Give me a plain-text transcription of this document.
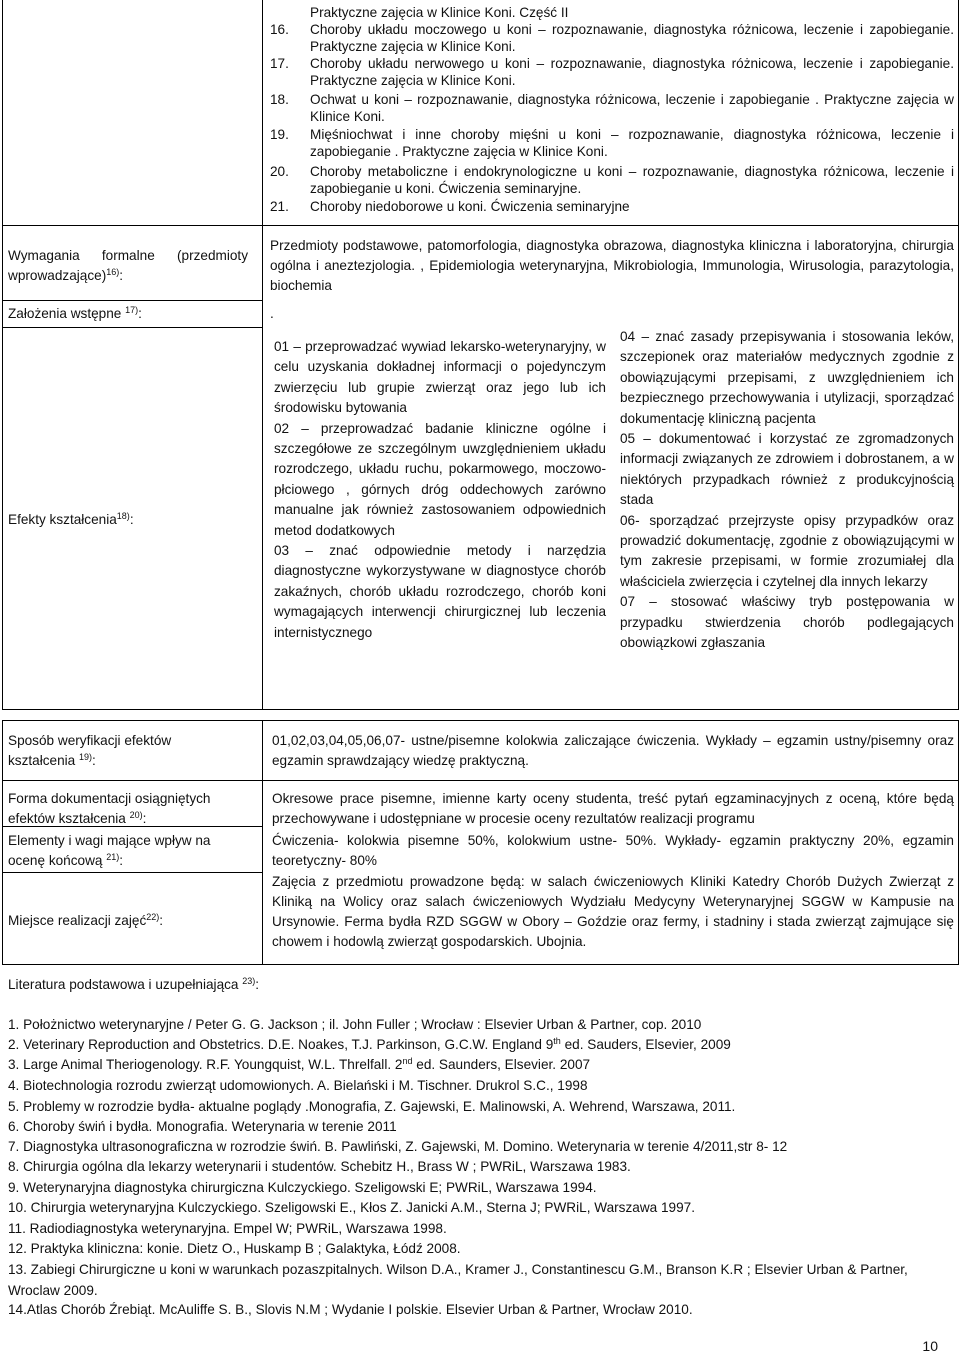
Praktyczne zajęcia w Klinice Koni. Część II
16.	Choroby układu moczowego u koni – rozpoznawanie, diagnostyka różnicowa, leczenie i zapobieganie. Praktyczne zajęcia w Klinice Koni.
17.	Choroby układu nerwowego u koni – rozpoznawanie, diagnostyka różnicowa, leczenie i zapobieganie. Praktyczne zajęcia w Klinice Koni.
18.	Ochwat u koni – rozpoznawanie, diagnostyka różnicowa, leczenie i zapobieganie . Praktyczne zajęcia w Klinice Koni.
19.	Mięśniochwat i inne choroby mięśni u koni – rozpoznawanie, diagnostyka różnicowa, leczenie i zapobieganie . Praktyczne zajęcia w Klinice Koni.
20.	Choroby metaboliczne i endokrynologiczne u koni – rozpoznawanie, diagnostyka różnicowa, leczenie i zapobieganie u koni. Ćwiczenia seminaryjne.
21.	Choroby niedoborowe u koni. Ćwiczenia seminaryjne
Wymagania formalne (przedmioty wprowadzające)$^{16)}$:
Przedmioty podstawowe, patomorfologia, diagnostyka obrazowa, diagnostyka kliniczna i laboratoryjna, chirurgia ogólna i aneztezjologia. , Epidemiologia weterynaryjna, Mikrobiologia, Immunologia, Wirusologia, parazytologia, biochemia
Założenia wstępne $^{17)}$:	.
Efekty kształcenia$^{18)}$:
01 – przeprowadzać wywiad lekarsko-weterynaryjny, w celu uzyskania dokładnej informacji o pojedynczym zwierzęciu lub grupie zwierząt oraz jego lub ich środowisku bytowania
02 – przeprowadzać badanie kliniczne ogólne i szczegółowe ze szczególnym uwzględnieniem układu rozrodczego, układu ruchu, pokarmowego, moczowo-płciowego , górnych dróg oddechowych zarówno manualne jak również zastosowaniem odpowiednich metod dodatkowych
03 – znać odpowiednie metody i narzędzia diagnostyczne wykorzystywane w diagnostyce chorób zakaźnych, chorób układu rozrodczego, chorób koni wymagających interwencji chirurgicznej lub leczenia internistycznego
04 – znać zasady przepisywania i stosowania leków, szczepionek oraz materiałów medycznych zgodnie z obowiązującymi przepisami, z uwzględnieniem ich bezpiecznego przechowywania i utylizacji, sporządzać dokumentację kliniczną pacjenta
05 – dokumentować i korzystać ze zgromadzonych informacji związanych ze zdrowiem i dobrostanem, a w niektórych przypadkach również z produkcyjnością stada
06- sporządzać przejrzyste opisy przypadków oraz prowadzić dokumentację, zgodnie z obowiązującymi w tym zakresie przepisami, w formie zrozumiałej dla właściciela zwierzęcia i czytelnej dla innych lekarzy
07 – stosować właściwy tryb postępowania w przypadku stwierdzenia chorób podlegających obowiązkowi zgłaszania
Sposób weryfikacji efektów
kształcenia $^{19)}$:
01,02,03,04,05,06,07- ustne/pisemne kolokwia zaliczające ćwiczenia. Wykłady – egzamin ustny/pisemny oraz egzamin sprawdzający wiedzę praktyczną.
Forma dokumentacji osiągniętych
efektów kształcenia $^{20)}$:
Okresowe prace pisemne, imienne karty oceny studenta, treść pytań egzaminacyjnych z oceną, które będą przechowywane i udostępniane w procesie oceny rezultatów realizacji programu
Elementy i wagi mające wpływ na
ocenę końcową $^{21)}$:
Ćwiczenia- kolokwia pisemne 50%, kolokwium ustne- 50%. Wykłady- egzamin praktyczny 20%, egzamin teoretyczny- 80%
Miejsce realizacji zajęć$^{22)}$:
Zajęcia z przedmiotu prowadzone będą: w salach ćwiczeniowych Kliniki Katedry Chorób Dużych Zwierząt z Kliniką na Wolicy oraz salach ćwiczeniowych Wydziału Medycyny Weterynaryjnej SGGW w Kampusie na Ursynowie. Ferma bydła RZD SGGW w Obory – Goździe oraz fermy, i stadniny i stada zwierząt zajmujące się chowem i hodowlą zwierząt gospodarskich. Ubojnia.
Literatura podstawowa i uzupełniająca $^{23)}$:
1. Położnictwo weterynaryjne / Peter G. G. Jackson ; il. John Fuller ; Wrocław : Elsevier Urban & Partner, cop. 2010
2. Veterinary Reproduction and Obstetrics. D.E. Noakes, T.J. Parkinson, G.C.W. England 9th ed. Sauders, Elsevier, 2009
3. Large Animal Theriogenology. R.F. Youngquist, W.L. Threlfall. 2nd ed. Saunders, Elsevier. 2007
4. Biotechnologia rozrodu zwierząt udomowionych. A. Bielański i M. Tischner. Drukrol S.C., 1998
5. Problemy w rozrodzie bydła- aktualne poglądy .Monografia, Z. Gajewski, E. Malinowski, A. Wehrend, Warszawa, 2011.
6. Choroby świń i bydła. Monografia. Weterynaria w terenie 2011
7. Diagnostyka ultrasonograficzna w rozrodzie świń. B. Pawliński, Z. Gajewski, M. Domino. Weterynaria w terenie 4/2011,str 8- 12
8. Chirurgia ogólna dla lekarzy weterynarii i studentów. Schebitz H., Brass W ; PWRiL, Warszawa 1983.
9. Weterynaryjna diagnostyka chirurgiczna Kulczyckiego. Szeligowski E; PWRiL, Warszawa 1994.
10. Chirurgia weterynaryjna Kulczyckiego. Szeligowski E., Kłos Z. Janicki A.M., Sterna J; PWRiL, Warszawa 1997.
11. Radiodiagnostyka weterynaryjna. Empel W; PWRiL, Warszawa 1998.
12. Praktyka kliniczna: konie. Dietz O., Huskamp B ; Galaktyka, Łódź 2008.
13. Zabiegi Chirurgiczne u koni w warunkach pozaszpitalnych. Wilson D.A., Kramer J., Constantinescu G.M., Branson K.R ; Elsevier Urban & Partner, Wroclaw 2009.
14.Atlas Chorób Źrebiąt. McAuliffe S. B., Slovis N.M ; Wydanie I polskie. Elsevier Urban & Partner, Wrocław 2010.
10
